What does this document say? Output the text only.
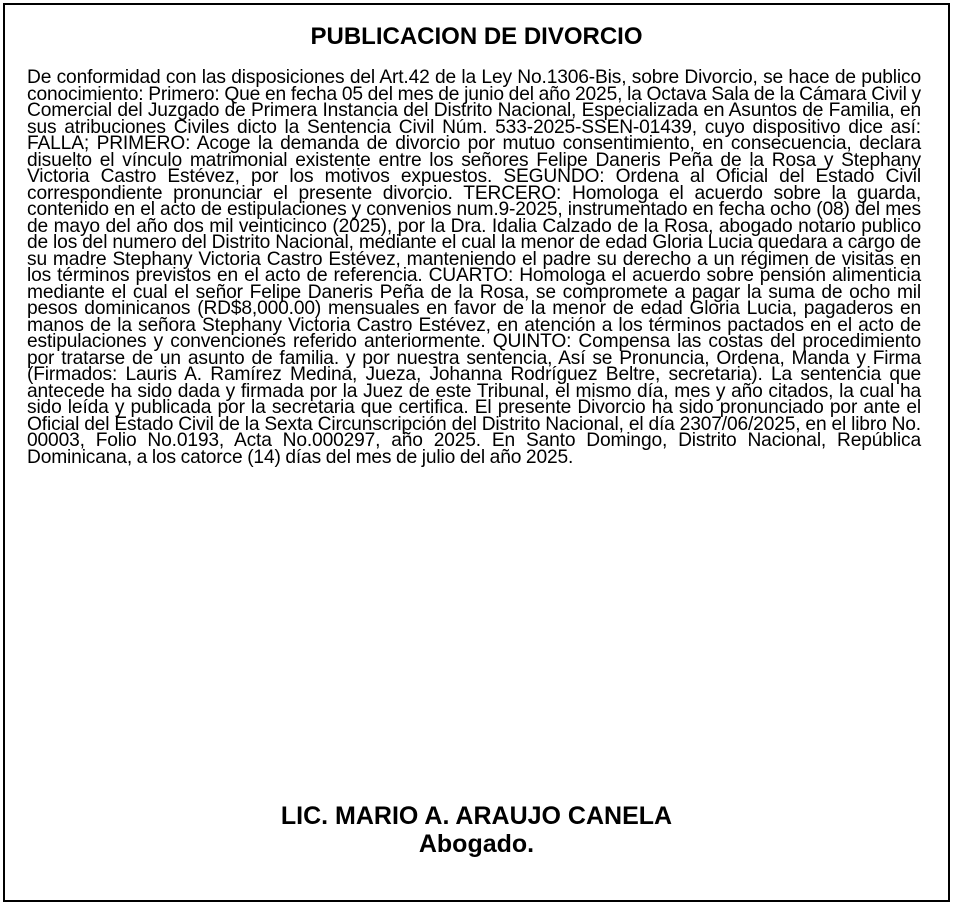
PUBLICACION DE DIVORCIO
De conformidad con las disposiciones del Art.42 de la Ley No.1306-Bis, sobre Divorcio, se hace de publico conocimiento: Primero: Que en fecha 05 del mes de junio del año 2025, la Octava Sala de la Cámara Civil y Comercial del Juzgado de Primera Instancia del Distrito Nacional, Especializada en Asuntos de Familia, en sus atribuciones Civiles dicto la Sentencia Civil Núm. 533-2025-SSEN-01439, cuyo dispositivo dice así: FALLA; PRIMERO: Acoge la demanda de divorcio por mutuo consentimiento, en consecuencia, declara disuelto el vínculo matrimonial existente entre los señores Felipe Daneris Peña de la Rosa y Stephany Victoria Castro Estévez, por los motivos expuestos. SEGUNDO: Ordena al Oficial del Estado Civil correspondiente pronunciar el presente divorcio. TERCERO: Homologa el acuerdo sobre la guarda, contenido en el acto de estipulaciones y convenios num.9-2025, instrumentado en fecha ocho (08) del mes de mayo del año dos mil veinticinco (2025), por la Dra. Idalia Calzado de la Rosa, abogado notario publico de los del numero del Distrito Nacional, mediante el cual la menor de edad Gloria Lucia quedara a cargo de su madre Stephany Victoria Castro Estévez, manteniendo el padre su derecho a un régimen de visitas en los términos previstos en el acto de referencia. CUARTO: Homologa el acuerdo sobre pensión alimenticia mediante el cual el señor Felipe Daneris Peña de la Rosa, se compromete a pagar la suma de ocho mil pesos dominicanos (RD$8,000.00) mensuales en favor de la menor de edad Gloria Lucia, pagaderos en manos de la señora Stephany Victoria Castro Estévez, en atención a los términos pactados en el acto de estipulaciones y convenciones referido anteriormente. QUINTO: Compensa las costas del procedimiento por tratarse de un asunto de familia. y por nuestra sentencia, Así se Pronuncia, Ordena, Manda y Firma (Firmados: Lauris A. Ramírez Medina, Jueza, Johanna Rodríguez Beltre, secretaria). La sentencia que antecede ha sido dada y firmada por la Juez de este Tribunal, el mismo día, mes y año citados, la cual ha sido leída y publicada por la secretaria que certifica. El presente Divorcio ha sido pronunciado por ante el Oficial del Estado Civil de la Sexta Circunscripción del Distrito Nacional, el día 2307/06/2025, en el libro No. 00003, Folio No.0193, Acta No.000297, año 2025. En Santo Domingo, Distrito Nacional, República Dominicana, a los catorce (14) días del mes de julio del año 2025.
LIC. MARIO A. ARAUJO CANELA
Abogado.
